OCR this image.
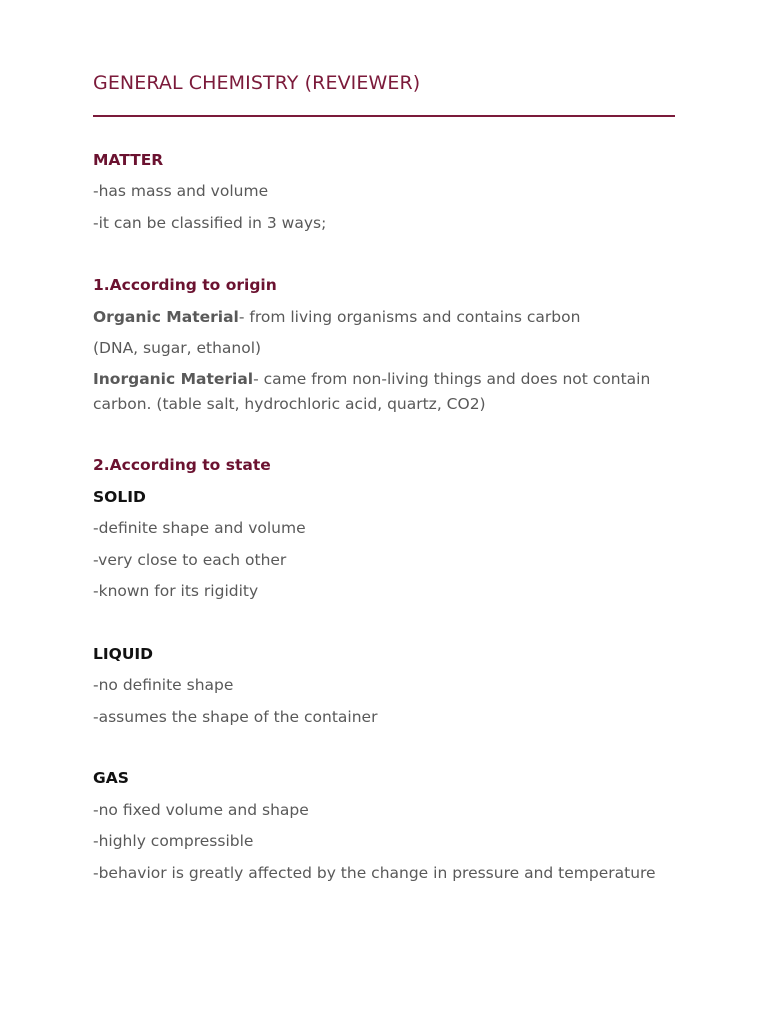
GENERAL CHEMISTRY (REVIEWER)
MATTER
-has mass and volume
-it can be classified in 3 ways;
1.According to origin
Organic Material- from living organisms and contains carbon
(DNA, sugar, ethanol)
Inorganic Material- came from non-living things and does not contain carbon. (table salt, hydrochloric acid, quartz, CO2)
2.According to state
SOLID
-definite shape and volume
-very close to each other
-known for its rigidity
LIQUID
-no definite shape
-assumes the shape of the container
GAS
-no fixed volume and shape
-highly compressible
-behavior is greatly affected by the change in pressure and temperature
